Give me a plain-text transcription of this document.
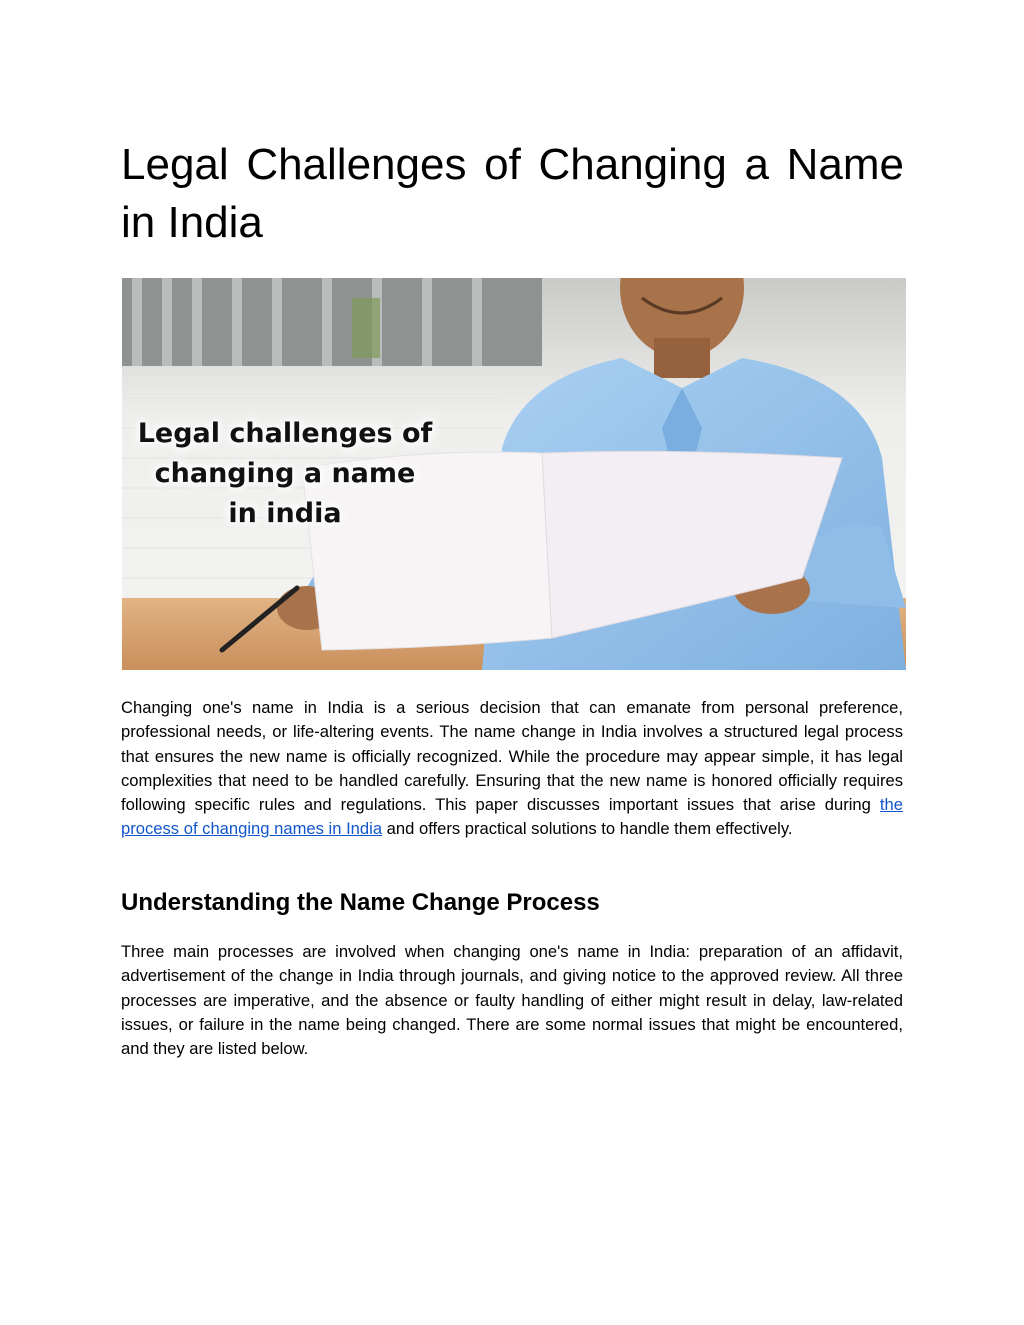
Legal Challenges of Changing a Name in India
Legal challenges of
changing a name
in india

Changing one's name in India is a serious decision that can emanate from personal preference, professional needs, or life-altering events. The name change in India involves a structured legal process that ensures the new name is officially recognized. While the procedure may appear simple, it has legal complexities that need to be handled carefully. Ensuring that the new name is honored officially requires following specific rules and regulations. This paper discusses important issues that arise during the process of changing names in India and offers practical solutions to handle them effectively.

Understanding the Name Change Process

Three main processes are involved when changing one's name in India: preparation of an affidavit, advertisement of the change in India through journals, and giving notice to the approved review. All three processes are imperative, and the absence or faulty handling of either might result in delay, law-related issues, or failure in the name being changed. There are some normal issues that might be encountered, and they are listed below.
